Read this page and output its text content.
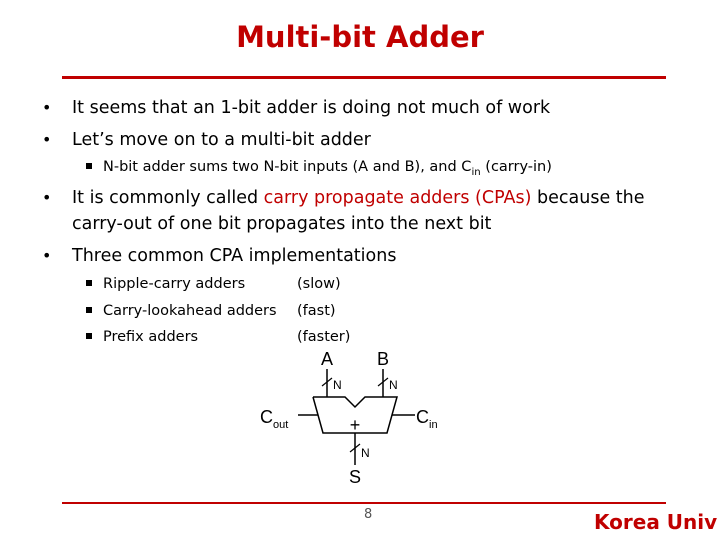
Multi-bit Adder
• It seems that an 1-bit adder is doing not much of work
• Let’s move on to a multi-bit adder
N-bit adder sums two N-bit inputs (A and B), and $C_{in}$ (carry-in)
• It is commonly called carry propagate adders (CPAs) because the
carry-out of one bit propagates into the next bit
• Three common CPA implementations
Ripple-carry adders	(slow)
Carry-lookahead adders (fast)
Prefix adders	(faster)
A B
N	N
+
$C_{out}$	$C_{in}$
N
S
8	Korea Univ
